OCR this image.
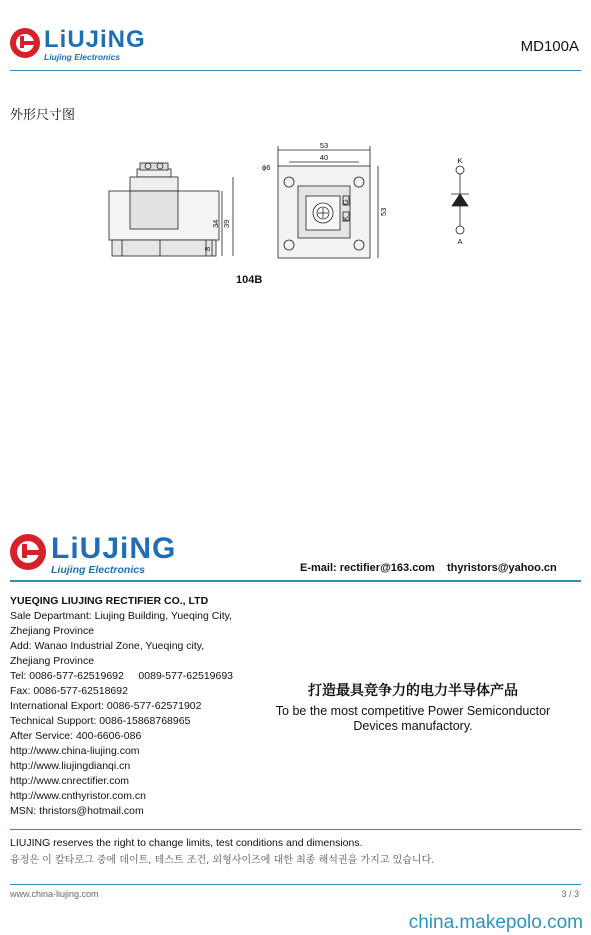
LiUJiNG
Liujing Electronics
MD100A
外形尺寸图
53
40
ϕ6
53
34 39
8
K
G
K
A
104B
LiUJiNG
Liujing Electronics	E-mail: rectifier@163.com thyristors@yahoo.cn
YUEQING LIUJING RECTIFIER CO., LTD
Sale Departmant: Liujing Building, Yueqing City,
Zhejiang Province
Add: Wanao Industrial Zone, Yueqing city,
Zhejiang Province
Tel: 0086-577-62519692     0089-577-62519693
Fax: 0086-577-62518692
International Export: 0086-577-62571902
Technical Support: 0086-15868768965
After Service: 400-6606-086
http://www.china-liujing.com
http://www.liujingdianqi.cn
http://www.cnrectifier.com
http://www.cnthyristor.com.cn
MSN: thristors@hotmail.com
打造最具竞争力的电力半导体产品
To be the most competitive Power Semiconductor
Devices manufactory.
LIUJING reserves the right to change limits, test conditions and dimensions.
융정은 이 칼타로그 중에 데이트, 테스트 조건, 외형사이즈에 대한 최종 해석권을 가지고 있습니다.
www.china-liujing.com	3 / 3
china.makepolo.com
